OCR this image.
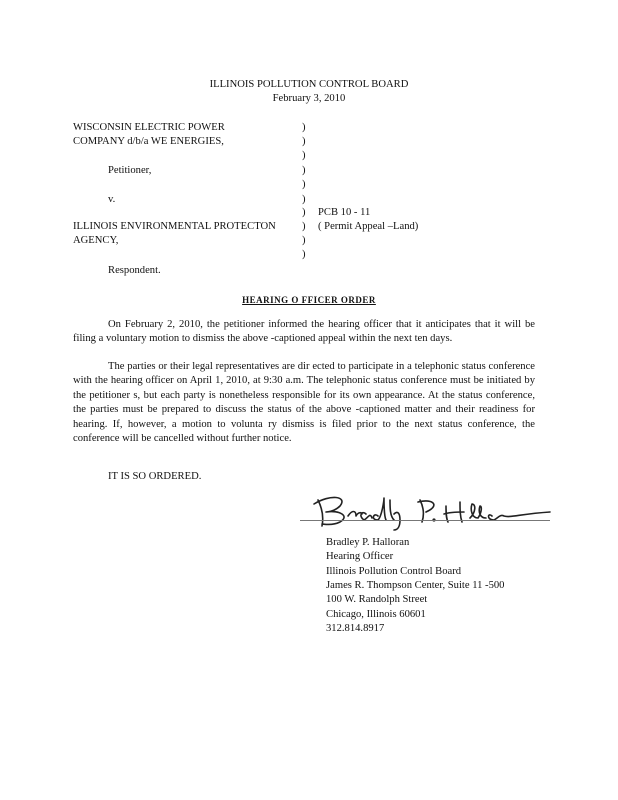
ILLINOIS POLLUTION CONTROL BOARD
February 3, 2010
WISCONSIN ELECTRIC POWER
COMPANY d/b/a WE ENERGIES,
Petitioner,
v.
ILLINOIS ENVIRONMENTAL PROTECTON
AGENCY,
Respondent.
)
)
)
)
)
)
)
)
)
)
PCB 10 - 11
( Permit Appeal –Land)
HEARING O FFICER ORDER
On February 2, 2010, the petitioner informed the hearing officer that it anticipates that it will be filing a voluntary motion to dismiss the above -captioned appeal within the next ten days.
The parties or their legal representatives are dir ected to participate in a telephonic status conference with the hearing officer on April 1, 2010, at 9:30 a.m. The telephonic status conference must be initiated by the petitioner s, but each party is nonetheless responsible for its own appearance. At the status conference, the parties must be prepared to discuss the status of the above -captioned matter and their readiness for hearing. If, however, a motion to volunta ry dismiss is filed prior to the next status conference, the conference will be cancelled without further notice.
IT IS SO ORDERED.
Bradley P. Halloran
Hearing Officer
Illinois Pollution Control Board
James R. Thompson Center, Suite 11 -500
100 W. Randolph Street
Chicago, Illinois 60601
312.814.8917
